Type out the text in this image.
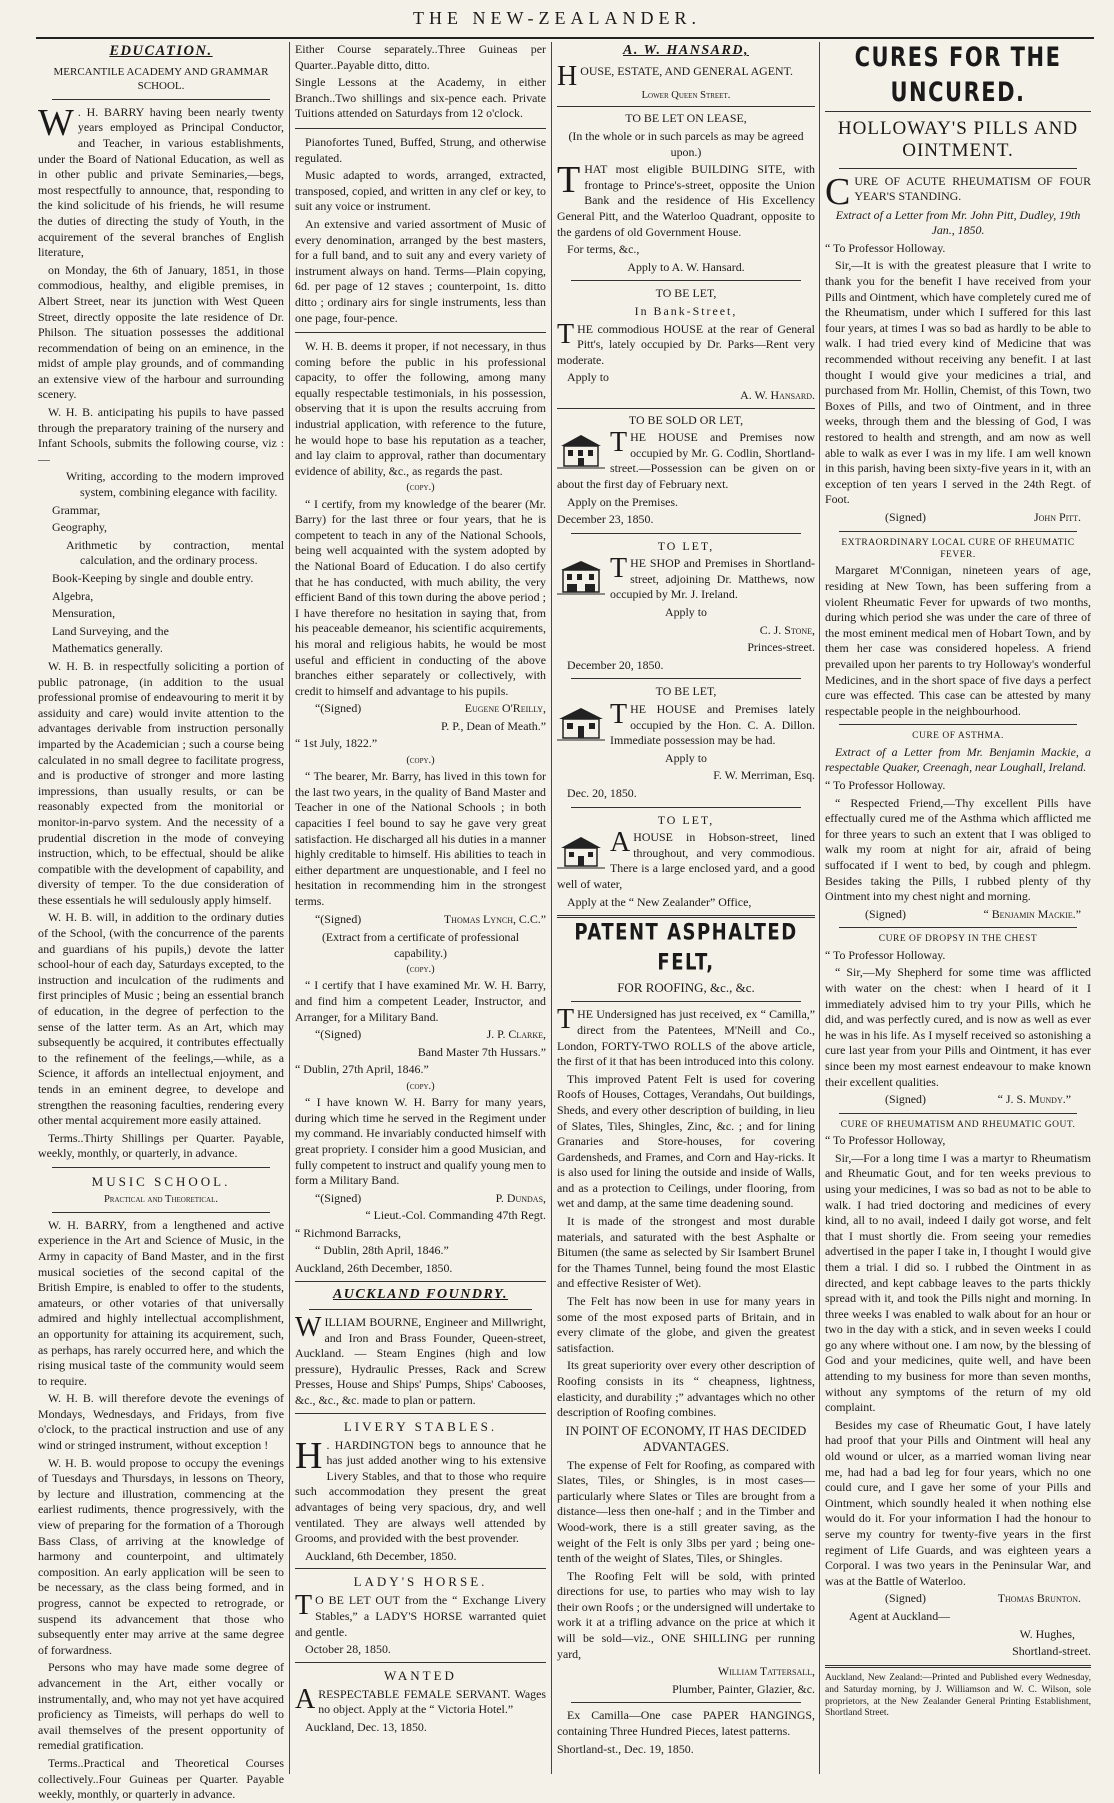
THE NEW-ZEALANDER.

EDUCATION.

MERCANTILE ACADEMY AND GRAMMAR SCHOOL.

W . H. BARRY having been nearly twenty years employed as Principal Conductor, and Teacher, in various establishments, under the Board of National Education, as well as in other public and private Seminaries,—begs, most respectfully to announce, that, responding to the kind solicitude of his friends, he will resume the duties of directing the study of Youth, in the acquirement of the several branches of English literature,

on Monday, the 6th of January, 1851, in those commodious, healthy, and eligible premises, in Albert Street, near its junction with West Queen Street, directly opposite the late residence of Dr. Philson. The situation possesses the additional recommendation of being on an eminence, in the midst of ample play grounds, and of commanding an extensive view of the harbour and surrounding scenery.

W. H. B. anticipating his pupils to have passed through the preparatory training of the nursery and Infant Schools, submits the following course, viz :—

Writing, according to the modern improved system, combining elegance with facility.

Grammar,

Geography,

Arithmetic by contraction, mental calculation, and the ordinary process.

Book-Keeping by single and double entry.

Algebra,

Mensuration,

Land Surveying, and the

Mathematics generally.

W. H. B. in respectfully soliciting a portion of public patronage, (in addition to the usual professional promise of endeavouring to merit it by assiduity and care) would invite attention to the advantages derivable from instruction personally imparted by the Academician ; such a course being calculated in no small degree to facilitate progress, and is productive of stronger and more lasting impressions, than usually results, or can be reasonably expected from the monitorial or monitor-in-parvo system. And the necessity of a prudential discretion in the mode of conveying instruction, which, to be effectual, should be alike compatible with the development of capability, and diversity of temper. To the due consideration of these essentials he will sedulously apply himself.

W. H. B. will, in addition to the ordinary duties of the School, (with the concurrence of the parents and guardians of his pupils,) devote the latter school-hour of each day, Saturdays excepted, to the instruction and inculcation of the rudiments and first principles of Music ; being an essential branch of education, in the degree of perfection to the sense of the latter term. As an Art, which may subsequently be acquired, it contributes effectually to the refinement of the feelings,—while, as a Science, it affords an intellectual enjoyment, and tends in an eminent degree, to develope and strengthen the reasoning faculties, rendering every other mental acquirement more easily attained.

Terms..Thirty Shillings per Quarter. Payable, weekly, monthly, or quarterly, in advance.

MUSIC SCHOOL.

Practical and Theoretical.

W. H. BARRY, from a lengthened and active experience in the Art and Science of Music, in the Army in capacity of Band Master, and in the first musical societies of the second capital of the British Empire, is enabled to offer to the students, amateurs, or other votaries of that universally admired and highly intellectual accomplishment, an opportunity for attaining its acquirement, such, as perhaps, has rarely occurred here, and which the rising musical taste of the community would seem to require.

W. H. B. will therefore devote the evenings of Mondays, Wednesdays, and Fridays, from five o'clock, to the practical instruction and use of any wind or stringed instrument, without exception !

W. H. B. would propose to occupy the evenings of Tuesdays and Thursdays, in lessons on Theory, by lecture and illustration, commencing at the earliest rudiments, thence progressively, with the view of preparing for the formation of a Thorough Bass Class, of arriving at the knowledge of harmony and counterpoint, and ultimately composition. An early application will be seen to be necessary, as the class being formed, and in progress, cannot be expected to retrograde, or suspend its advancement that those who subsequently enter may arrive at the same degree of forwardness.

Persons who may have made some degree of advancement in the Art, either vocally or instrumentally, and, who may not yet have acquired proficiency as Timeists, will perhaps do well to avail themselves of the present opportunity of remedial gratification.

Terms..Practical and Theoretical Courses collectively..Four Guineas per Quarter. Payable weekly, monthly, or quarterly in advance.

Either Course separately..Three Guineas per Quarter..Payable ditto, ditto.

Single Lessons at the Academy, in either Branch..Two shillings and six-pence each. Private Tuitions attended on Saturdays from 12 o'clock.

Pianofortes Tuned, Buffed, Strung, and otherwise regulated.

Music adapted to words, arranged, extracted, transposed, copied, and written in any clef or key, to suit any voice or instrument.

An extensive and varied assortment of Music of every denomination, arranged by the best masters, for a full band, and to suit any and every variety of instrument always on hand. Terms—Plain copying, 6d. per page of 12 staves ; counterpoint, 1s. ditto ditto ; ordinary airs for single instruments, less than one page, four-pence.

W. H. B. deems it proper, if not necessary, in thus coming before the public in his professional capacity, to offer the following, among many equally respectable testimonials, in his possession, observing that it is upon the results accruing from industrial application, with reference to the future, he would hope to base his reputation as a teacher, and lay claim to approval, rather than documentary evidence of ability, &c., as regards the past.

(copy.)

“ I certify, from my knowledge of the bearer (Mr. Barry) for the last three or four years, that he is competent to teach in any of the National Schools, being well acquainted with the system adopted by the National Board of Education. I do also certify that he has conducted, with much ability, the very efficient Band of this town during the above period ; I have therefore no hesitation in saying that, from his peaceable demeanor, his scientific acquirements, his moral and religious habits, he would be most useful and efficient in conducting of the above branches either separately or collectively, with credit to himself and advantage to his pupils.

“(Signed)	Eugene O'Reilly,

P. P., Dean of Meath.”

“ 1st July, 1822.”

(copy.)

“ The bearer, Mr. Barry, has lived in this town for the last two years, in the quality of Band Master and Teacher in one of the National Schools ; in both capacities I feel bound to say he gave very great satisfaction. He discharged all his duties in a manner highly creditable to himself. His abilities to teach in either department are unquestionable, and I feel no hesitation in recommending him in the strongest terms.

“(Signed)	Thomas Lynch, C.C.”

(Extract from a certificate of professional capability.)

(copy.)

“ I certify that I have examined Mr. W. H. Barry, and find him a competent Leader, Instructor, and Arranger, for a Military Band.

“(Signed)	J. P. Clarke,

Band Master 7th Hussars.”

“ Dublin, 27th April, 1846.”

(copy.)

“ I have known W. H. Barry for many years, during which time he served in the Regiment under my command. He invariably conducted himself with great propriety. I consider him a good Musician, and fully competent to instruct and qualify young men to form a Military Band.

“(Signed)	P. Dundas,

“ Lieut.-Col. Commanding 47th Regt.

“ Richmond Barracks,

“ Dublin, 28th April, 1846.”

Auckland, 26th December, 1850.

AUCKLAND FOUNDRY.

WILLIAM BOURNE, Engineer and Millwright, and Iron and Brass Founder, Queen-street, Auckland. — Steam Engines (high and low pressure), Hydraulic Presses, Rack and Screw Presses, House and Ships' Pumps, Ships' Cabooses, &c., &c., &c. made to plan or pattern.

LIVERY STABLES.

H . HARDINGTON begs to announce that he has just added another wing to his extensive Livery Stables, and that to those who require such accommodation they present the great advantages of being very spacious, dry, and well ventilated. They are always well attended by Grooms, and provided with the best provender.

Auckland, 6th December, 1850.

LADY'S HORSE.

T O BE LET OUT from the “ Exchange Livery Stables,” a LADY'S HORSE warranted quiet and gentle.

October 28, 1850.

WANTED

A RESPECTABLE FEMALE SERVANT. Wages no object. Apply at the “ Victoria Hotel.”

Auckland, Dec. 13, 1850.

A. W. HANSARD,

HOUSE, ESTATE, AND GENERAL AGENT.

Lower Queen Street.

TO BE LET ON LEASE,

(In the whole or in such parcels as may be agreed upon.)

THAT most eligible BUILDING SITE, with frontage to Prince's-street, opposite the Union Bank and the residence of His Excellency General Pitt, and the Waterloo Quadrant, opposite to the gardens of old Government House.

For terms, &c.,

Apply to A. W. Hansard.

TO BE LET,

In Bank-Street,

THE commodious HOUSE at the rear of General Pitt's, lately occupied by Dr. Parks—Rent very moderate.

Apply to

A. W. Hansard.

TO BE SOLD OR LET,

THE HOUSE and Premises now occupied by Mr. G. Codlin, Shortland-street.—Possession can be given on or about the first day of February next.

Apply on the Premises.

December 23, 1850.

TO LET,

THE SHOP and Premises in Shortland-street, adjoining Dr. Matthews, now occupied by Mr. J. Ireland.

Apply to

C. J. Stone,

Princes-street.

December 20, 1850.

TO BE LET,

THE HOUSE and Premises lately occupied by the Hon. C. A. Dillon. Immediate possession may be had.

Apply to

F. W. Merriman, Esq.

Dec. 20, 1850.

TO LET,

A HOUSE in Hobson-street, lined throughout, and very commodious. There is a large enclosed yard, and a good well of water,

Apply at the “ New Zealander” Office,

PATENT ASPHALTED FELT,

FOR ROOFING, &c., &c.

THE Undersigned has just received, ex “ Camilla,” direct from the Patentees, M'Neill and Co., London, FORTY-TWO ROLLS of the above article, the first of it that has been introduced into this colony.

This improved Patent Felt is used for covering Roofs of Houses, Cottages, Verandahs, Out buildings, Sheds, and every other description of building, in lieu of Slates, Tiles, Shingles, Zinc, &c. ; and for lining Granaries and Store-houses, for covering Gardensheds, and Frames, and Corn and Hay-ricks. It is also used for lining the outside and inside of Walls, and as a protection to Ceilings, under flooring, from wet and damp, at the same time deadening sound.

It is made of the strongest and most durable materials, and saturated with the best Asphalte or Bitumen (the same as selected by Sir Isambert Brunel for the Thames Tunnel, being found the most Elastic and effective Resister of Wet).

The Felt has now been in use for many years in some of the most exposed parts of Britain, and in every climate of the globe, and given the greatest satisfaction.

Its great superiority over every other description of Roofing consists in its “ cheapness, lightness, elasticity, and durability ;” advantages which no other description of Roofing combines.

IN POINT OF ECONOMY, IT HAS DECIDED ADVANTAGES.

The expense of Felt for Roofing, as compared with Slates, Tiles, or Shingles, is in most cases—particularly where Slates or Tiles are brought from a distance—less then one-half ; and in the Timber and Wood-work, there is a still greater saving, as the weight of the Felt is only 3lbs per yard ; being one-tenth of the weight of Slates, Tiles, or Shingles.

The Roofing Felt will be sold, with printed directions for use, to parties who may wish to lay their own Roofs ; or the undersigned will undertake to work it at a trifling advance on the price at which it will be sold—viz., ONE SHILLING per running yard,

William Tattersall,

Plumber, Painter, Glazier, &c.

Ex Camilla—One case PAPER HANGINGS, containing Three Hundred Pieces, latest patterns.

Shortland-st., Dec. 19, 1850.

CURES FOR THE UNCURED.

HOLLOWAY'S PILLS AND OINTMENT.

CURE OF ACUTE RHEUMATISM OF FOUR YEAR'S STANDING.

Extract of a Letter from Mr. John Pitt, Dudley, 19th Jan., 1850.

“ To Professor Holloway.

Sir,—It is with the greatest pleasure that I write to thank you for the benefit I have received from your Pills and Ointment, which have completely cured me of the Rheumatism, under which I suffered for this last four years, at times I was so bad as hardly to be able to walk. I had tried every kind of Medicine that was recommended without receiving any benefit. I at last thought I would give your medicines a trial, and purchased from Mr. Hollin, Chemist, of this Town, two Boxes of Pills, and two of Ointment, and in three weeks, through them and the blessing of God, I was restored to health and strength, and am now as well able to walk as ever I was in my life. I am well known in this parish, having been sixty-five years in it, with an exception of ten years I served in the 24th Regt. of Foot.

(Signed)	John Pitt.

EXTRAORDINARY LOCAL CURE OF RHEUMATIC FEVER.

Margaret M'Connigan, nineteen years of age, residing at New Town, has been suffering from a violent Rheumatic Fever for upwards of two months, during which period she was under the care of three of the most eminent medical men of Hobart Town, and by them her case was considered hopeless. A friend prevailed upon her parents to try Holloway's wonderful Medicines, and in the short space of five days a perfect cure was effected. This case can be attested by many respectable people in the neighbourhood.

CURE OF ASTHMA.

Extract of a Letter from Mr. Benjamin Mackie, a respectable Quaker, Creenagh, near Loughall, Ireland.

“ To Professor Holloway.

“ Respected Friend,—Thy excellent Pills have effectually cured me of the Asthma which afflicted me for three years to such an extent that I was obliged to walk my room at night for air, afraid of being suffocated if I went to bed, by cough and phlegm. Besides taking the Pills, I rubbed plenty of thy Ointment into my chest night and morning.

(Signed)	“ Benjamin Mackie.”

CURE OF DROPSY IN THE CHEST

“ To Professor Holloway.

“ Sir,—My Shepherd for some time was afflicted with water on the chest: when I heard of it I immediately advised him to try your Pills, which he did, and was perfectly cured, and is now as well as ever he was in his life. As I myself received so astonishing a cure last year from your Pills and Ointment, it has ever since been my most earnest endeavour to make known their excellent qualities.

(Signed)	“ J. S. Mundy.”

CURE OF RHEUMATISM AND RHEUMATIC GOUT.

“ To Professor Holloway,

Sir,—For a long time I was a martyr to Rheumatism and Rheumatic Gout, and for ten weeks previous to using your medicines, I was so bad as not to be able to walk. I had tried doctoring and medicines of every kind, all to no avail, indeed I daily got worse, and felt that I must shortly die. From seeing your remedies advertised in the paper I take in, I thought I would give them a trial. I did so. I rubbed the Ointment in as directed, and kept cabbage leaves to the parts thickly spread with it, and took the Pills night and morning. In three weeks I was enabled to walk about for an hour or two in the day with a stick, and in seven weeks I could go any where without one. I am now, by the blessing of God and your medicines, quite well, and have been attending to my business for more than seven months, without any symptoms of the return of my old complaint.

Besides my case of Rheumatic Gout, I have lately had proof that your Pills and Ointment will heal any old wound or ulcer, as a married woman living near me, had had a bad leg for four years, which no one could cure, and I gave her some of your Pills and Ointment, which soundly healed it when nothing else would do it. For your information I had the honour to serve my country for twenty-five years in the first regiment of Life Guards, and was eighteen years a Corporal. I was two years in the Peninsular War, and was at the Battle of Waterloo.

(Signed)	Thomas Brunton.

Agent at Auckland—

W. Hughes,

Shortland-street.

Auckland, New Zealand:—Printed and Published every Wednesday, and Saturday morning, by J. Williamson and W. C. Wilson, sole proprietors, at the New Zealander General Printing Establishment, Shortland Street.
